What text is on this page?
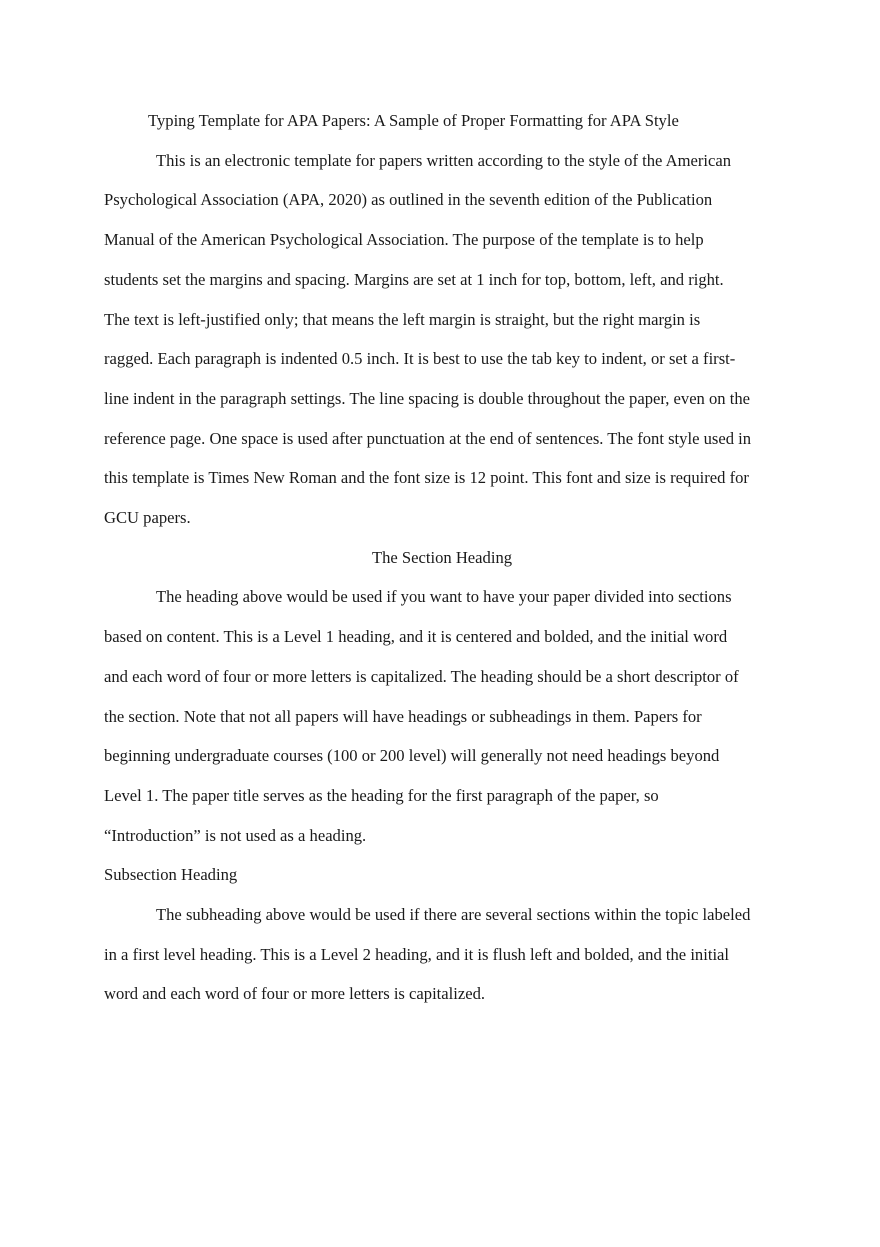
Typing Template for APA Papers: A Sample of Proper Formatting for APA Style

This is an electronic template for papers written according to the style of the American
Psychological Association (APA, 2020) as outlined in the seventh edition of the Publication
Manual of the American Psychological Association. The purpose of the template is to help
students set the margins and spacing. Margins are set at 1 inch for top, bottom, left, and right.
The text is left-justified only; that means the left margin is straight, but the right margin is
ragged. Each paragraph is indented 0.5 inch. It is best to use the tab key to indent, or set a first-
line indent in the paragraph settings. The line spacing is double throughout the paper, even on the
reference page. One space is used after punctuation at the end of sentences. The font style used in
this template is Times New Roman and the font size is 12 point. This font and size is required for
GCU papers.

The Section Heading

The heading above would be used if you want to have your paper divided into sections
based on content. This is a Level 1 heading, and it is centered and bolded, and the initial word
and each word of four or more letters is capitalized. The heading should be a short descriptor of
the section. Note that not all papers will have headings or subheadings in them. Papers for
beginning undergraduate courses (100 or 200 level) will generally not need headings beyond
Level 1. The paper title serves as the heading for the first paragraph of the paper, so
“Introduction” is not used as a heading.

Subsection Heading

The subheading above would be used if there are several sections within the topic labeled
in a first level heading. This is a Level 2 heading, and it is flush left and bolded, and the initial
word and each word of four or more letters is capitalized.
